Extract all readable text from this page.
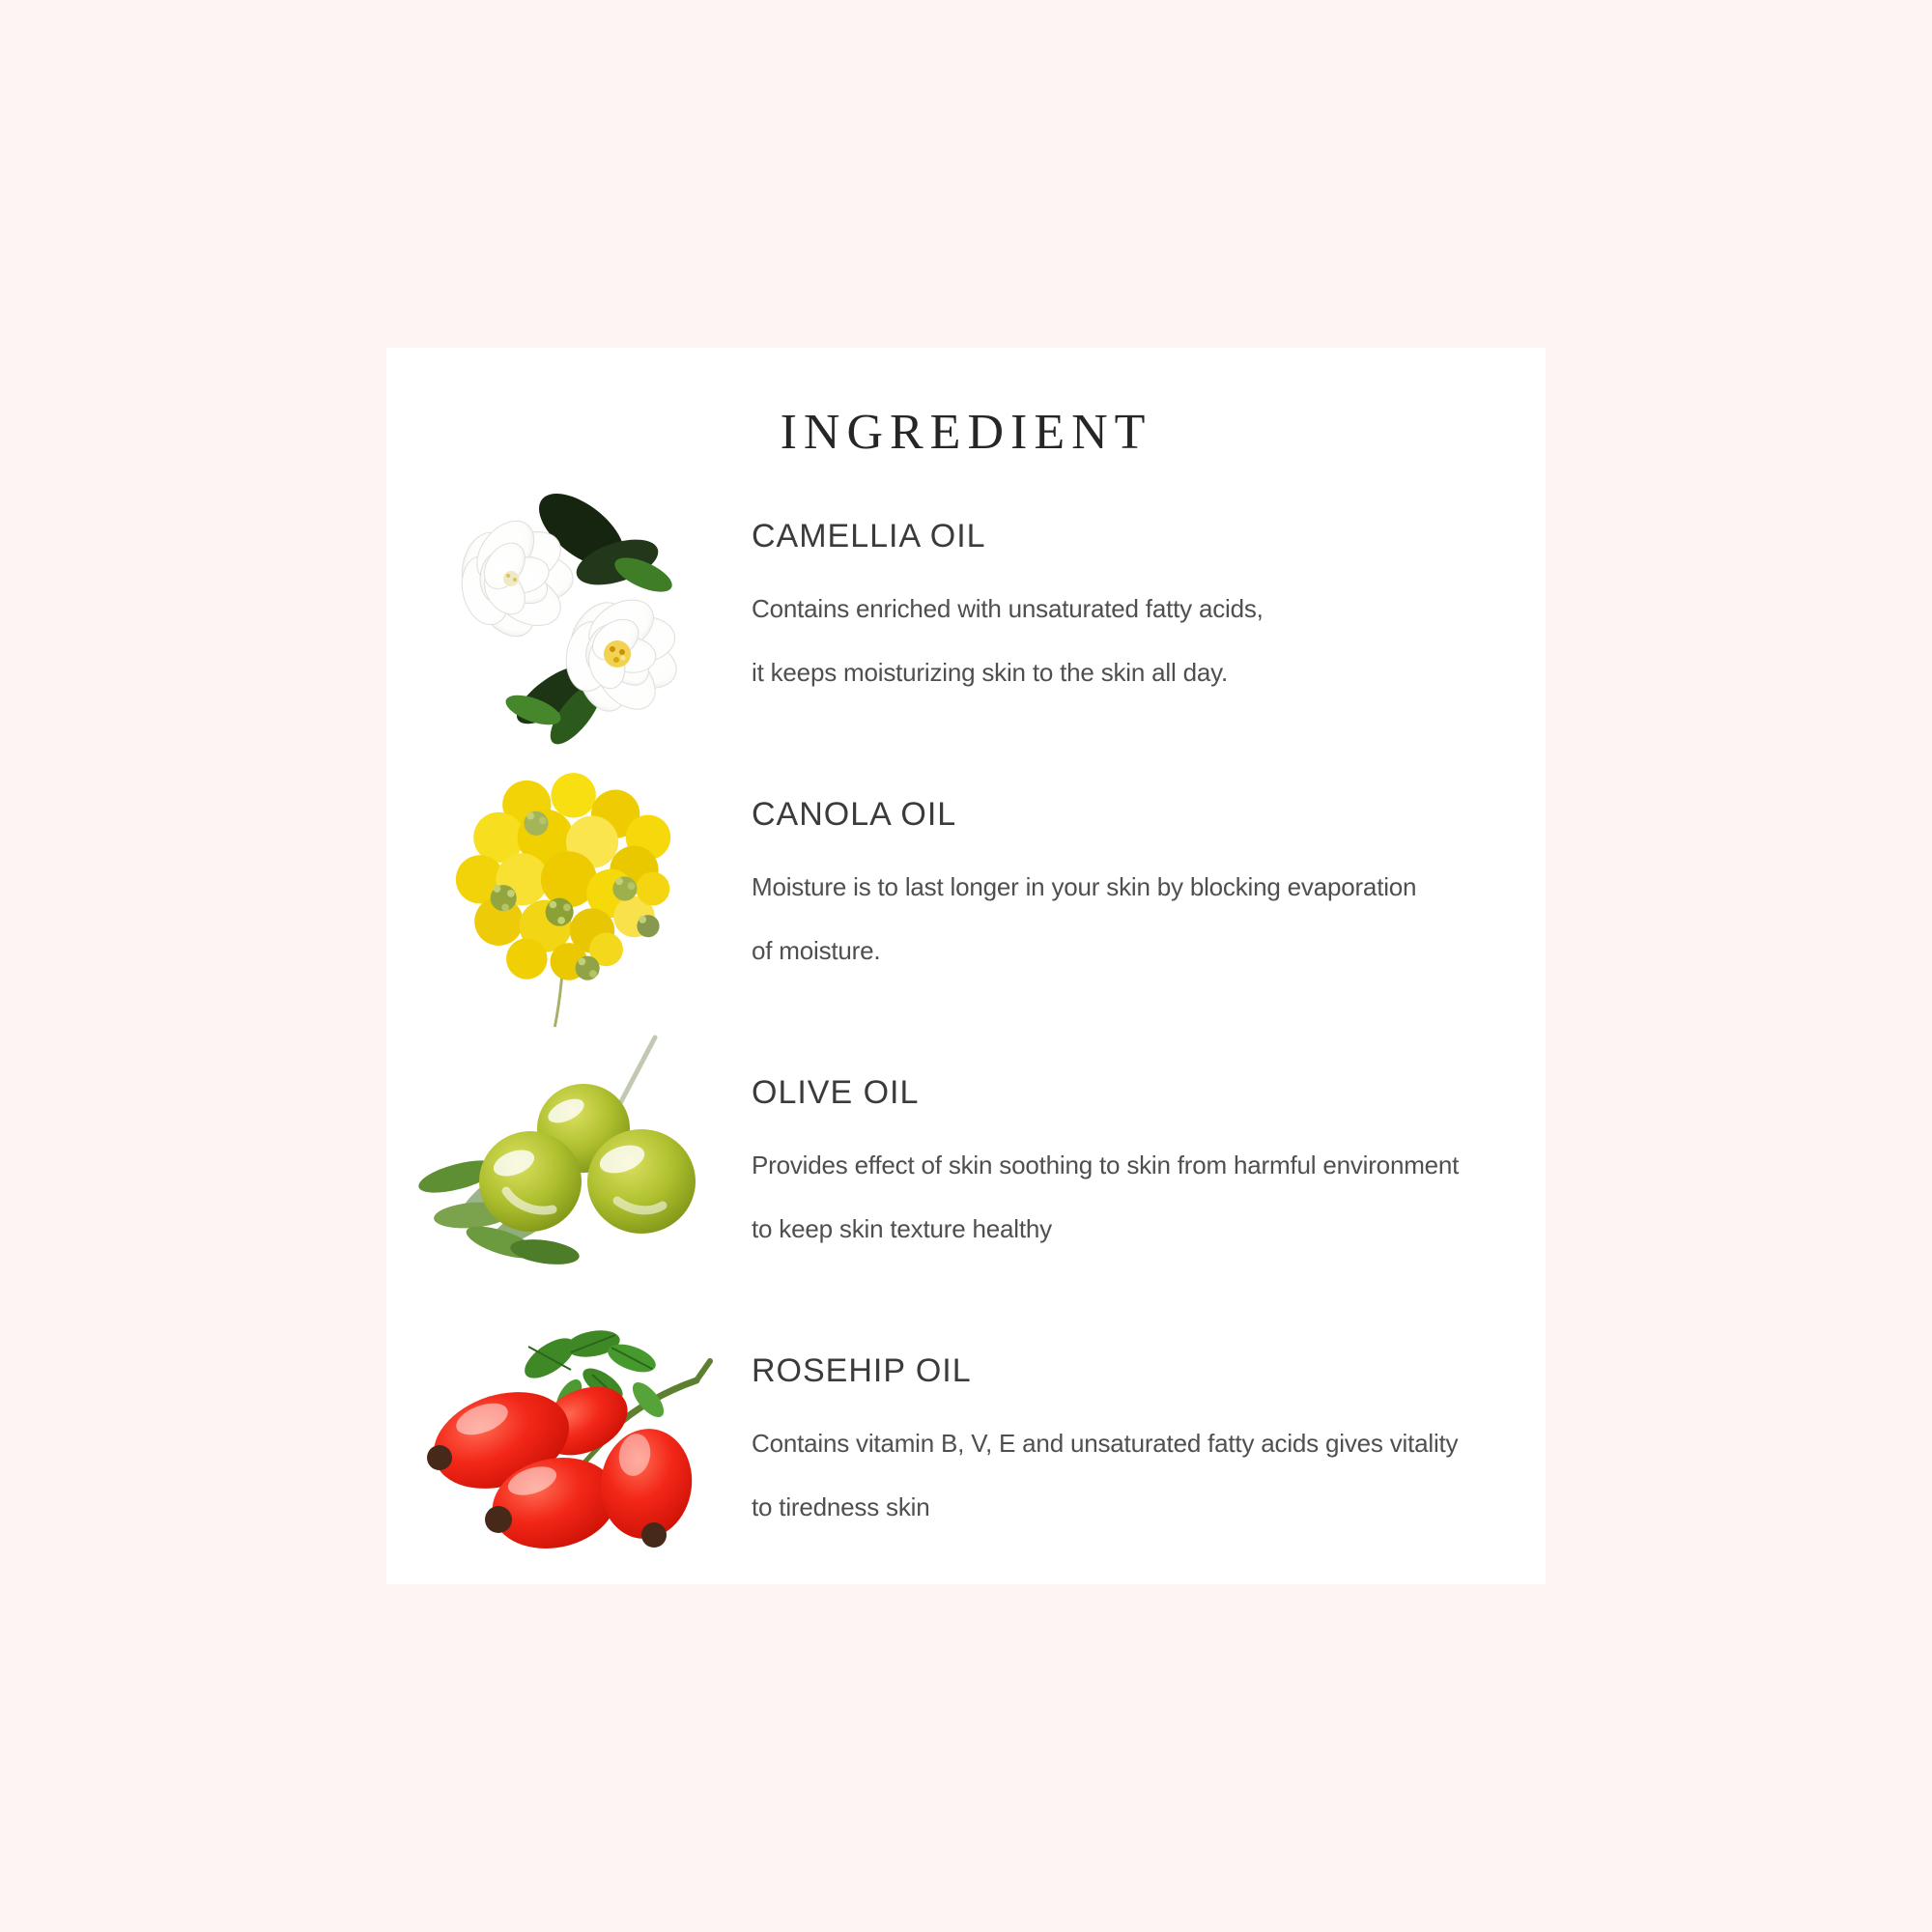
INGREDIENT
CAMELLIA OIL
Contains enriched with unsaturated fatty acids,
it keeps moisturizing skin to the skin all day.
CANOLA OIL
Moisture is to last longer in your skin by blocking evaporation
of moisture.
OLIVE OIL
Provides effect of skin soothing to skin from harmful environment
to keep skin texture healthy
ROSEHIP OIL
Contains vitamin B, V, E and unsaturated fatty acids gives vitality
to tiredness skin
